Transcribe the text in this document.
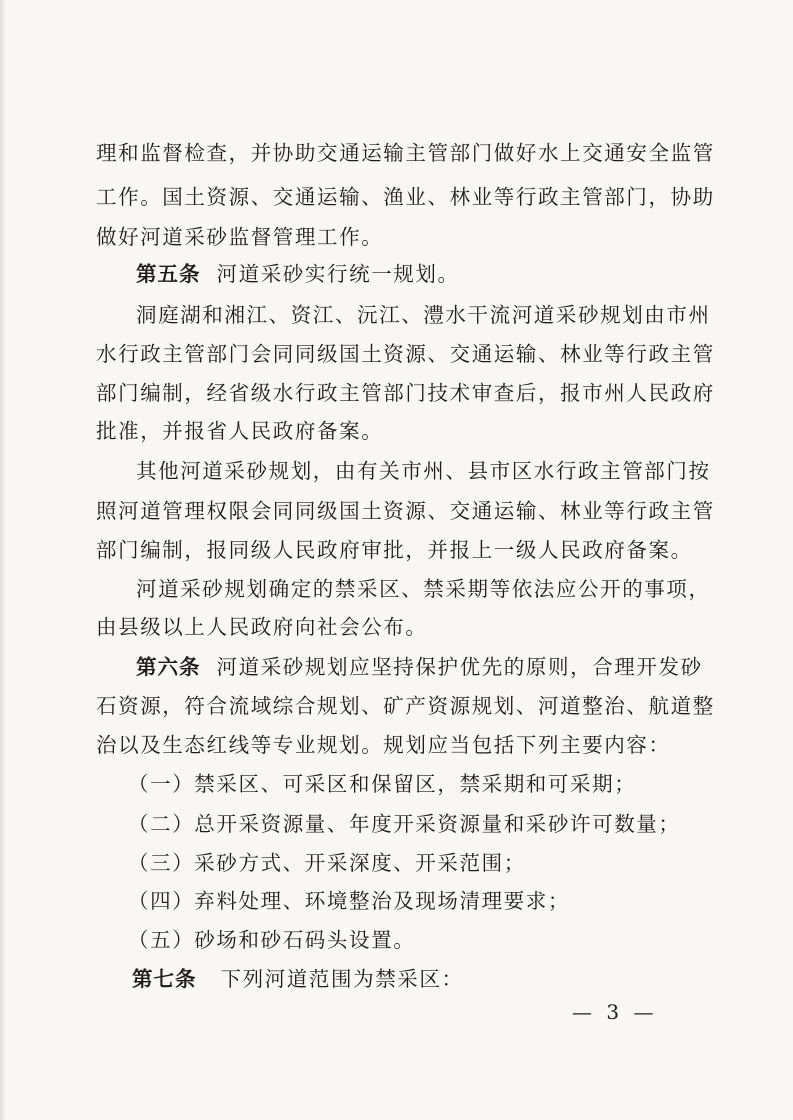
理和监督检查，并协助交通运输主管部门做好水上交通安全监管
工作。国土资源、交通运输、渔业、林业等行政主管部门，协助
做好河道采砂监督管理工作。
第五条 河道采砂实行统一规划。
洞庭湖和湘江、资江、沅江、澧水干流河道采砂规划由市州
水行政主管部门会同同级国土资源、交通运输、林业等行政主管
部门编制，经省级水行政主管部门技术审查后，报市州人民政府
批准，并报省人民政府备案。
其他河道采砂规划，由有关市州、县市区水行政主管部门按
照河道管理权限会同同级国土资源、交通运输、林业等行政主管
部门编制，报同级人民政府审批，并报上一级人民政府备案。
河道采砂规划确定的禁采区、禁采期等依法应公开的事项，
由县级以上人民政府向社会公布。
第六条 河道采砂规划应坚持保护优先的原则，合理开发砂
石资源，符合流域综合规划、矿产资源规划、河道整治、航道整
治以及生态红线等专业规划。规划应当包括下列主要内容：
（一）禁采区、可采区和保留区，禁采期和可采期；
（二）总开采资源量、年度开采资源量和采砂许可数量；
（三）采砂方式、开采深度、开采范围；
（四）弃料处理、环境整治及现场清理要求；
（五）砂场和砂石码头设置。
第七条 下列河道范围为禁采区：
— 3 —
